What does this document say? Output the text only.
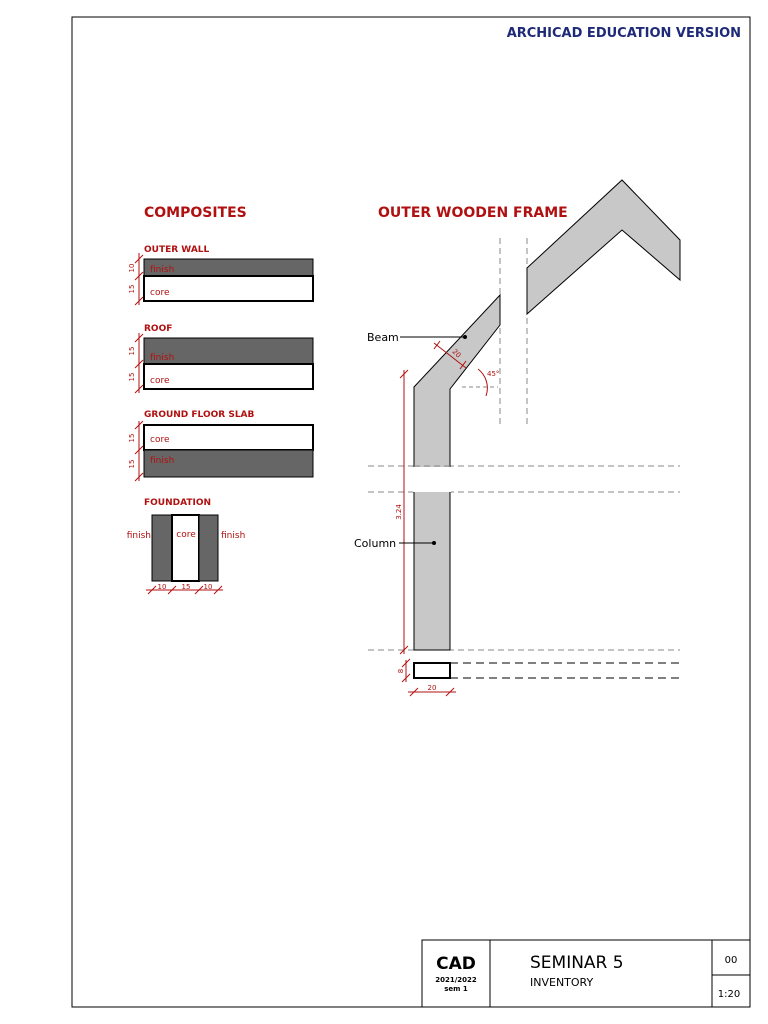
ARCHICAD EDUCATION VERSION
COMPOSITES
OUTER WALL
finish
core
10
15
ROOF
finish
core
15
15
GROUND FLOOR SLAB
core
finish
15
15
FOUNDATION
finish	core	finish
10 15 10
OUTER WOODEN FRAME
3.24
8
20
20
45°
Beam
Column
CAD
2021/2022
sem 1
SEMINAR 5
INVENTORY
00
1:20
